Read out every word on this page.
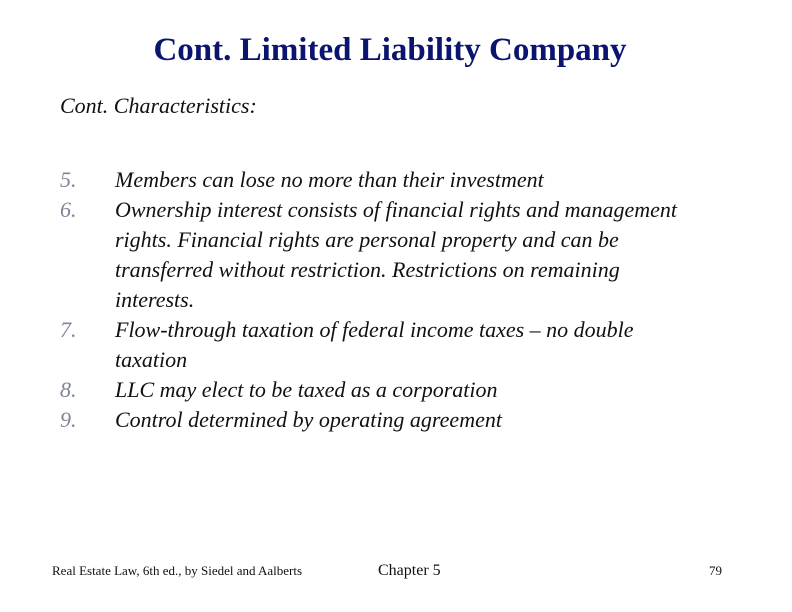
Cont. Limited Liability Company
Cont. Characteristics:
5. Members can lose no more than their investment
6. Ownership interest consists of financial rights and management rights. Financial rights are personal property and can be transferred without restriction. Restrictions on remaining interests.
7. Flow-through taxation of federal income taxes – no double taxation
8. LLC may elect to be taxed as a corporation
9. Control determined by operating agreement
Real Estate Law, 6th ed., by Siedel and Aalberts	Chapter 5	79
